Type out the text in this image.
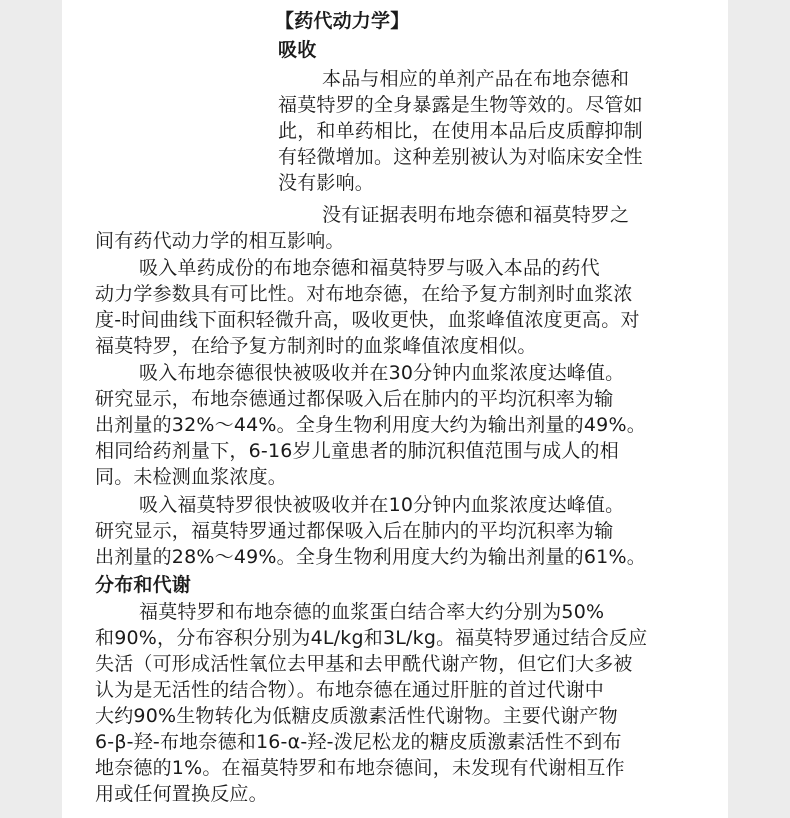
【药代动力学】
吸收
本品与相应的单剂产品在布地奈德和
福莫特罗的全身暴露是生物等效的。尽管如
此，和单药相比，在使用本品后皮质醇抑制
有轻微增加。这种差别被认为对临床安全性
没有影响。
没有证据表明布地奈德和福莫特罗之
间有药代动力学的相互影响。
吸入单药成份的布地奈德和福莫特罗与吸入本品的药代
动力学参数具有可比性。对布地奈德，在给予复方制剂时血浆浓
度-时间曲线下面积轻微升高，吸收更快，血浆峰值浓度更高。对
福莫特罗，在给予复方制剂时的血浆峰值浓度相似。
吸入布地奈德很快被吸收并在30分钟内血浆浓度达峰值。
研究显示，布地奈德通过都保吸入后在肺内的平均沉积率为输
出剂量的32%～44%。全身生物利用度大约为输出剂量的49%。
相同给药剂量下，6-16岁儿童患者的肺沉积值范围与成人的相
同。未检测血浆浓度。
吸入福莫特罗很快被吸收并在10分钟内血浆浓度达峰值。
研究显示，福莫特罗通过都保吸入后在肺内的平均沉积率为输
出剂量的28%～49%。全身生物利用度大约为输出剂量的61%。
分布和代谢
福莫特罗和布地奈德的血浆蛋白结合率大约分别为50%
和90%，分布容积分别为4L/kg和3L/kg。福莫特罗通过结合反应
失活（可形成活性氧位去甲基和去甲酰代谢产物，但它们大多被
认为是无活性的结合物）。布地奈德在通过肝脏的首过代谢中
大约90%生物转化为低糖皮质激素活性代谢物。主要代谢产物
6-β-羟-布地奈德和16-α-羟-泼尼松龙的糖皮质激素活性不到布
地奈德的1%。在福莫特罗和布地奈德间，未发现有代谢相互作
用或任何置换反应。
